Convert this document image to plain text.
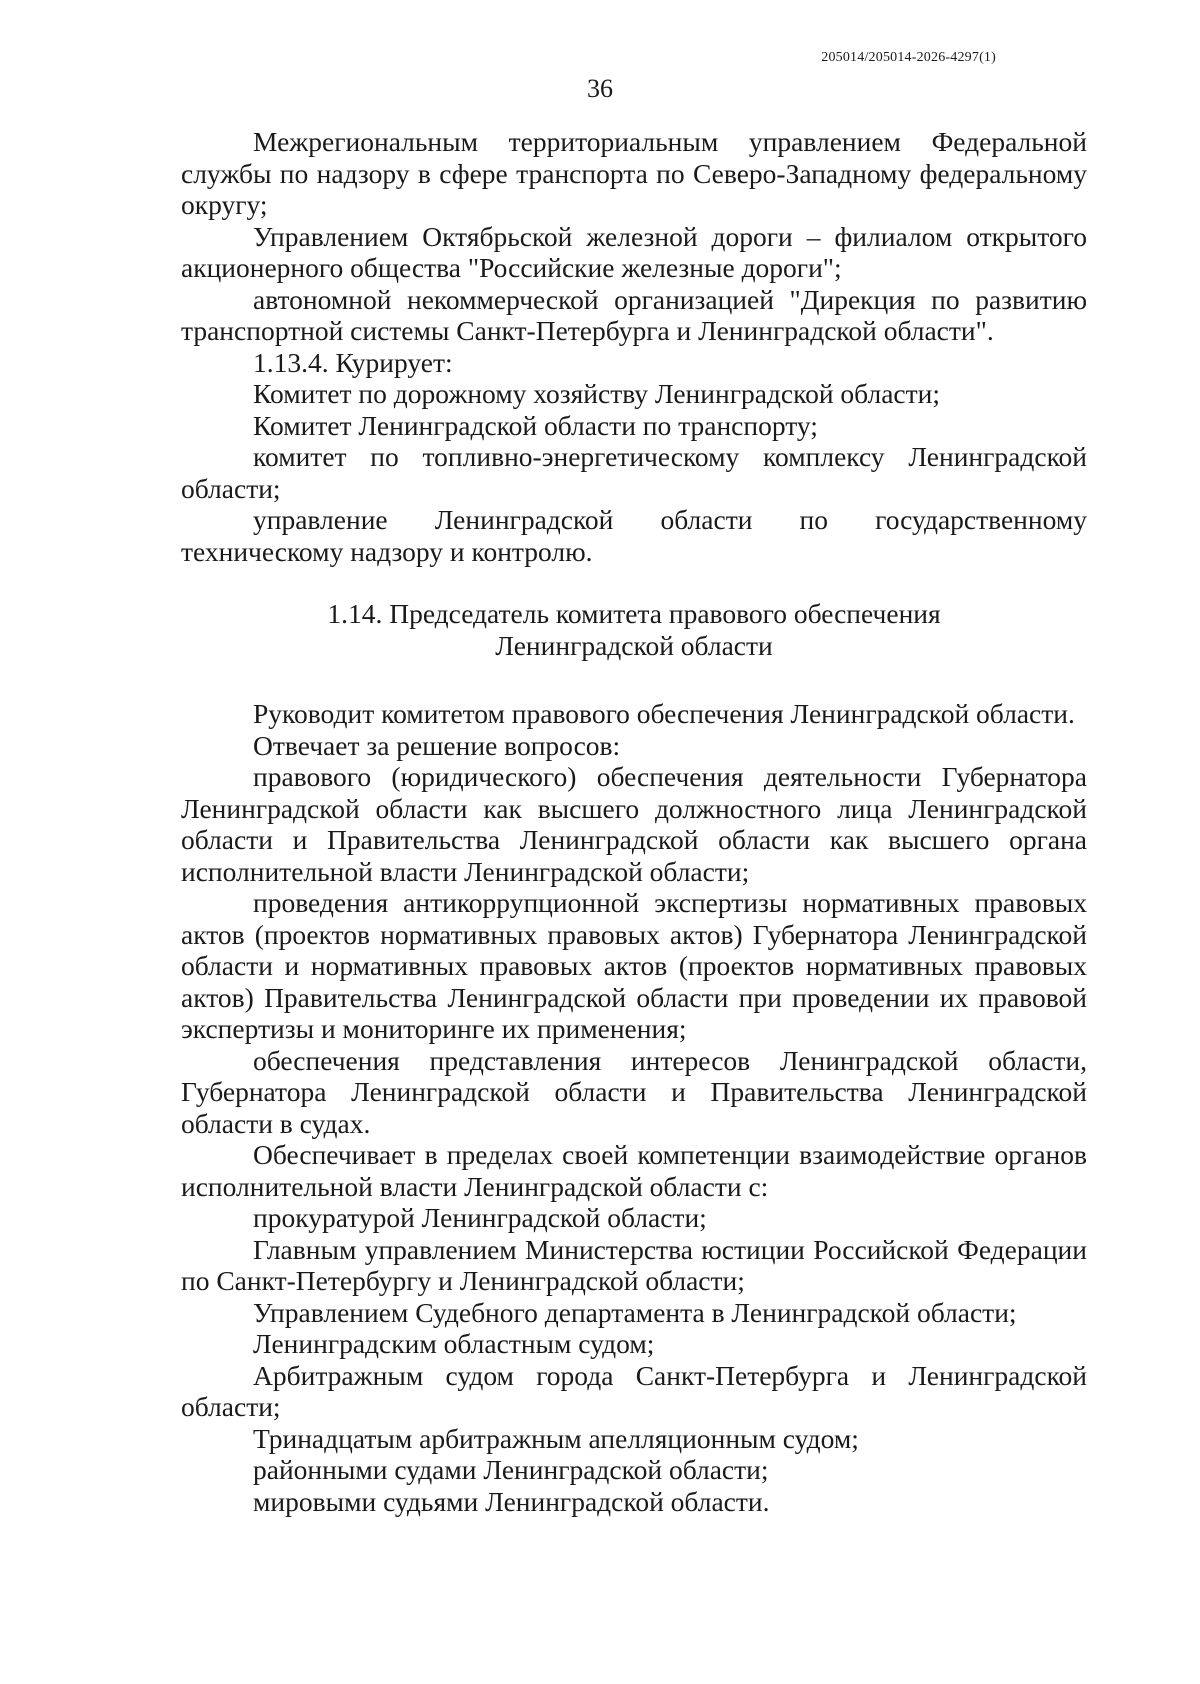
205014/205014-2026-4297(1)
36

Межрегиональным территориальным управлением Федеральной службы по надзору в сфере транспорта по Северо-Западному федеральному округу;

Управлением Октябрьской железной дороги – филиалом открытого акционерного общества "Российские железные дороги";

автономной некоммерческой организацией "Дирекция по развитию транспортной системы Санкт-Петербурга и Ленинградской области".

1.13.4. Курирует:

Комитет по дорожному хозяйству Ленинградской области;

Комитет Ленинградской области по транспорту;

комитет по топливно-энергетическому комплексу Ленинградской области;

управление Ленинградской области по государственному техническому надзору и контролю.

1.14. Председатель комитета правового обеспечения
Ленинградской области

Руководит комитетом правового обеспечения Ленинградской области.

Отвечает за решение вопросов:

правового (юридического) обеспечения деятельности Губернатора Ленинградской области как высшего должностного лица Ленинградской области и Правительства Ленинградской области как высшего органа исполнительной власти Ленинградской области;

проведения антикоррупционной экспертизы нормативных правовых актов (проектов нормативных правовых актов) Губернатора Ленинградской области и нормативных правовых актов (проектов нормативных правовых актов) Правительства Ленинградской области при проведении их правовой экспертизы и мониторинге их применения;

обеспечения представления интересов Ленинградской области, Губернатора Ленинградской области и Правительства Ленинградской области в судах.

Обеспечивает в пределах своей компетенции взаимодействие органов исполнительной власти Ленинградской области с:

прокуратурой Ленинградской области;

Главным управлением Министерства юстиции Российской Федерации по Санкт-Петербургу и Ленинградской области;

Управлением Судебного департамента в Ленинградской области;

Ленинградским областным судом;

Арбитражным судом города Санкт-Петербурга и Ленинградской области;

Тринадцатым арбитражным апелляционным судом;

районными судами Ленинградской области;

мировыми судьями Ленинградской области.
